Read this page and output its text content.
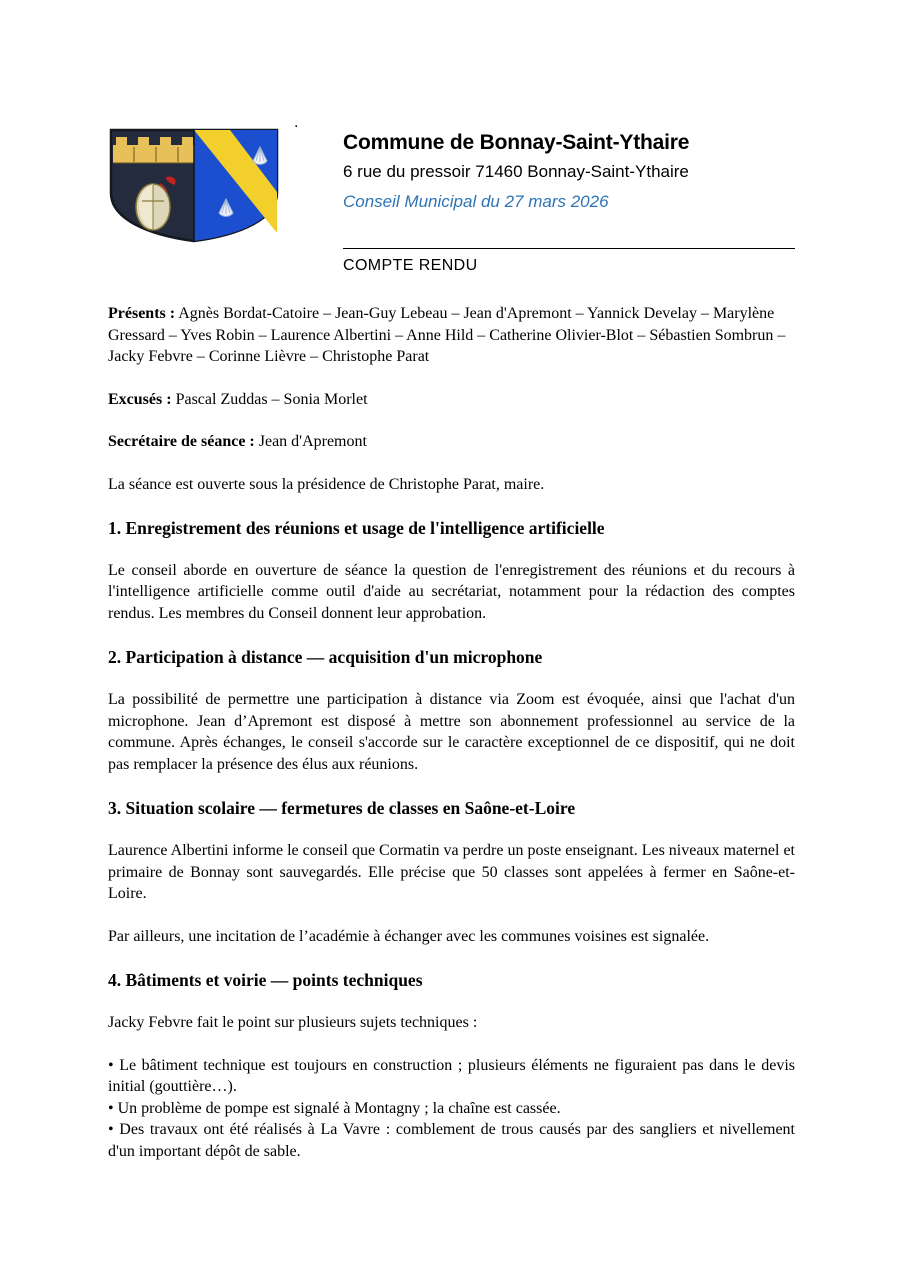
.
Commune de Bonnay-Saint-Ythaire
6 rue du pressoir 71460 Bonnay-Saint-Ythaire
Conseil Municipal du 27 mars 2026
COMPTE RENDU

Présents : Agnès Bordat-Catoire – Jean-Guy Lebeau – Jean d'Apremont – Yannick Develay – Marylène Gressard – Yves Robin – Laurence Albertini – Anne Hild – Catherine Olivier-Blot – Sébastien Sombrun – Jacky Febvre – Corinne Lièvre – Christophe Parat

Excusés : Pascal Zuddas – Sonia Morlet

Secrétaire de séance : Jean d'Apremont

La séance est ouverte sous la présidence de Christophe Parat, maire.

1. Enregistrement des réunions et usage de l'intelligence artificielle

Le conseil aborde en ouverture de séance la question de l'enregistrement des réunions et du recours à l'intelligence artificielle comme outil d'aide au secrétariat, notamment pour la rédaction des comptes rendus. Les membres du Conseil donnent leur approbation.

2. Participation à distance — acquisition d'un microphone

La possibilité de permettre une participation à distance via Zoom est évoquée, ainsi que l'achat d'un microphone. Jean d’Apremont est disposé à mettre son abonnement professionnel au service de la commune. Après échanges, le conseil s'accorde sur le caractère exceptionnel de ce dispositif, qui ne doit pas remplacer la présence des élus aux réunions.

3. Situation scolaire — fermetures de classes en Saône-et-Loire

Laurence Albertini informe le conseil que Cormatin va perdre un poste enseignant. Les niveaux maternel et primaire de Bonnay sont sauvegardés. Elle précise que 50 classes sont appelées à fermer en Saône-et-Loire.

Par ailleurs, une incitation de l’académie à échanger avec les communes voisines est signalée.

4. Bâtiments et voirie — points techniques

Jacky Febvre fait le point sur plusieurs sujets techniques :

• Le bâtiment technique est toujours en construction ; plusieurs éléments ne figuraient pas dans le devis initial (gouttière…).

• Un problème de pompe est signalé à Montagny ; la chaîne est cassée.

• Des travaux ont été réalisés à La Vavre : comblement de trous causés par des sangliers et nivellement d'un important dépôt de sable.
